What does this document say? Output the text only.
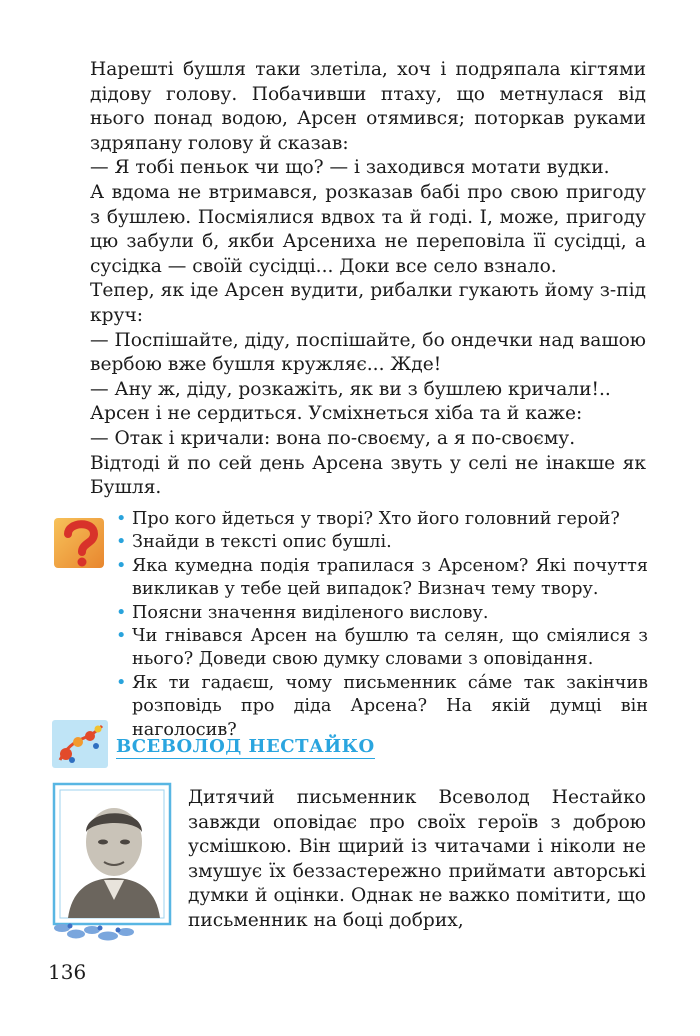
Нарешті бушля таки злетіла, хоч і подряпала кігтями дідову голову. Побачивши птаху, що метнулася від нього понад водою, Арсен отямився; поторкав руками здряпану голову й сказав:

— Я тобі пеньок чи що? — і заходився мотати вудки.

А вдома не втримався, розказав бабі про свою пригоду з бушлею. Посміялися вдвох та й годі. І, може, пригоду цю забули б, якби Арсениха не переповіла її сусідці, а сусідка — своїй сусідці... Доки все село взнало.

Тепер, як іде Арсен вудити, рибалки гукають йому з-під круч:

— Поспішайте, діду, поспішайте, бо ондечки над вашою вербою вже бушля кружляє... Жде!

— Ану ж, діду, розкажіть, як ви з бушлею кричали!..

Арсен і не сердиться. Усміхнеться хіба та й каже:

— Отак і кричали: вона по-своєму, а я по-своєму.

Відтоді й по сей день Арсена звуть у селі не інакше як Бушля.

• Про кого йдеться у творі? Хто його головний герой?
• Знайди в тексті опис бушлі.
• Яка кумедна подія трапилася з Арсеном? Які почуття викликав у тебе цей випадок? Визнач тему твору.
• Поясни значення виділеного вислову.
• Чи гнівався Арсен на бушлю та селян, що сміялися з нього? Доведи свою думку словами з оповідання.
• Як ти гадаєш, чому письменник са́ме так закінчив розповідь про діда Арсена? На якій думці він наголосив?
ВСЕВОЛОД НЕСТАЙКО

Дитячий письменник Всеволод Нестайко завжди оповідає про своїх героїв з доброю усмішкою. Він щирий із читачами і ніколи не змушує їх беззастережно приймати авторські думки й оцінки. Однак не важко помітити, що письменник на боці добрих,

136
